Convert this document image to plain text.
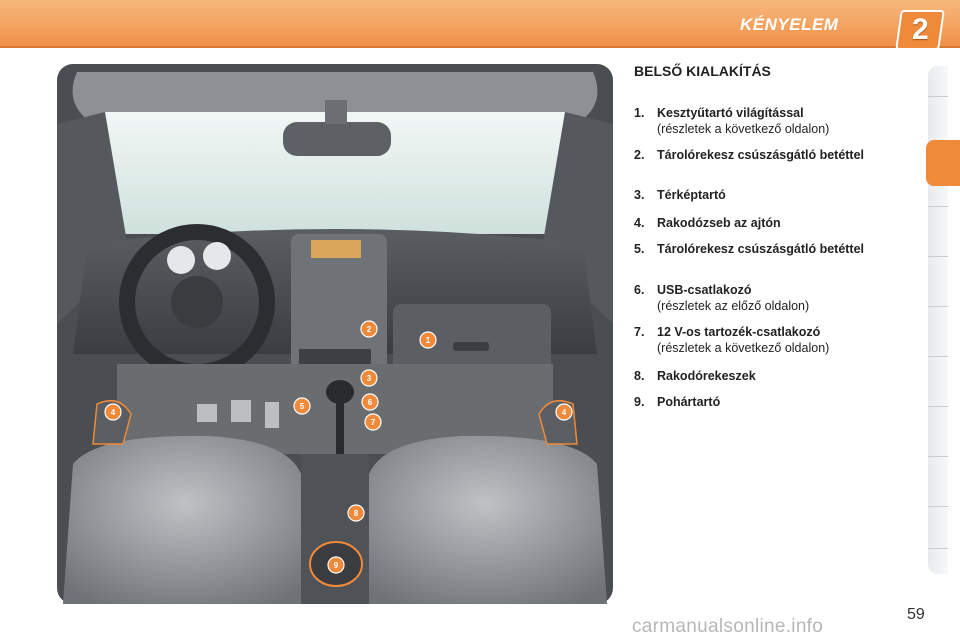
KÉNYELEM	2
1
2
3
4	4
5	6
7
8
9
BELSŐ KIALAKÍTÁS
1. Kesztyűtartó világítással
(részletek a következő oldalon)
2. Tárolórekesz csúszásgátló betéttel
3. Térképtartó
4. Rakodózseb az ajtón
5. Tárolórekesz csúszásgátló betéttel
6. USB-csatlakozó
(részletek az előző oldalon)
7. 12 V-os tartozék-csatlakozó
(részletek a következő oldalon)
8. Rakodórekeszek
9. Pohártartó
59
carmanualsonline.info
